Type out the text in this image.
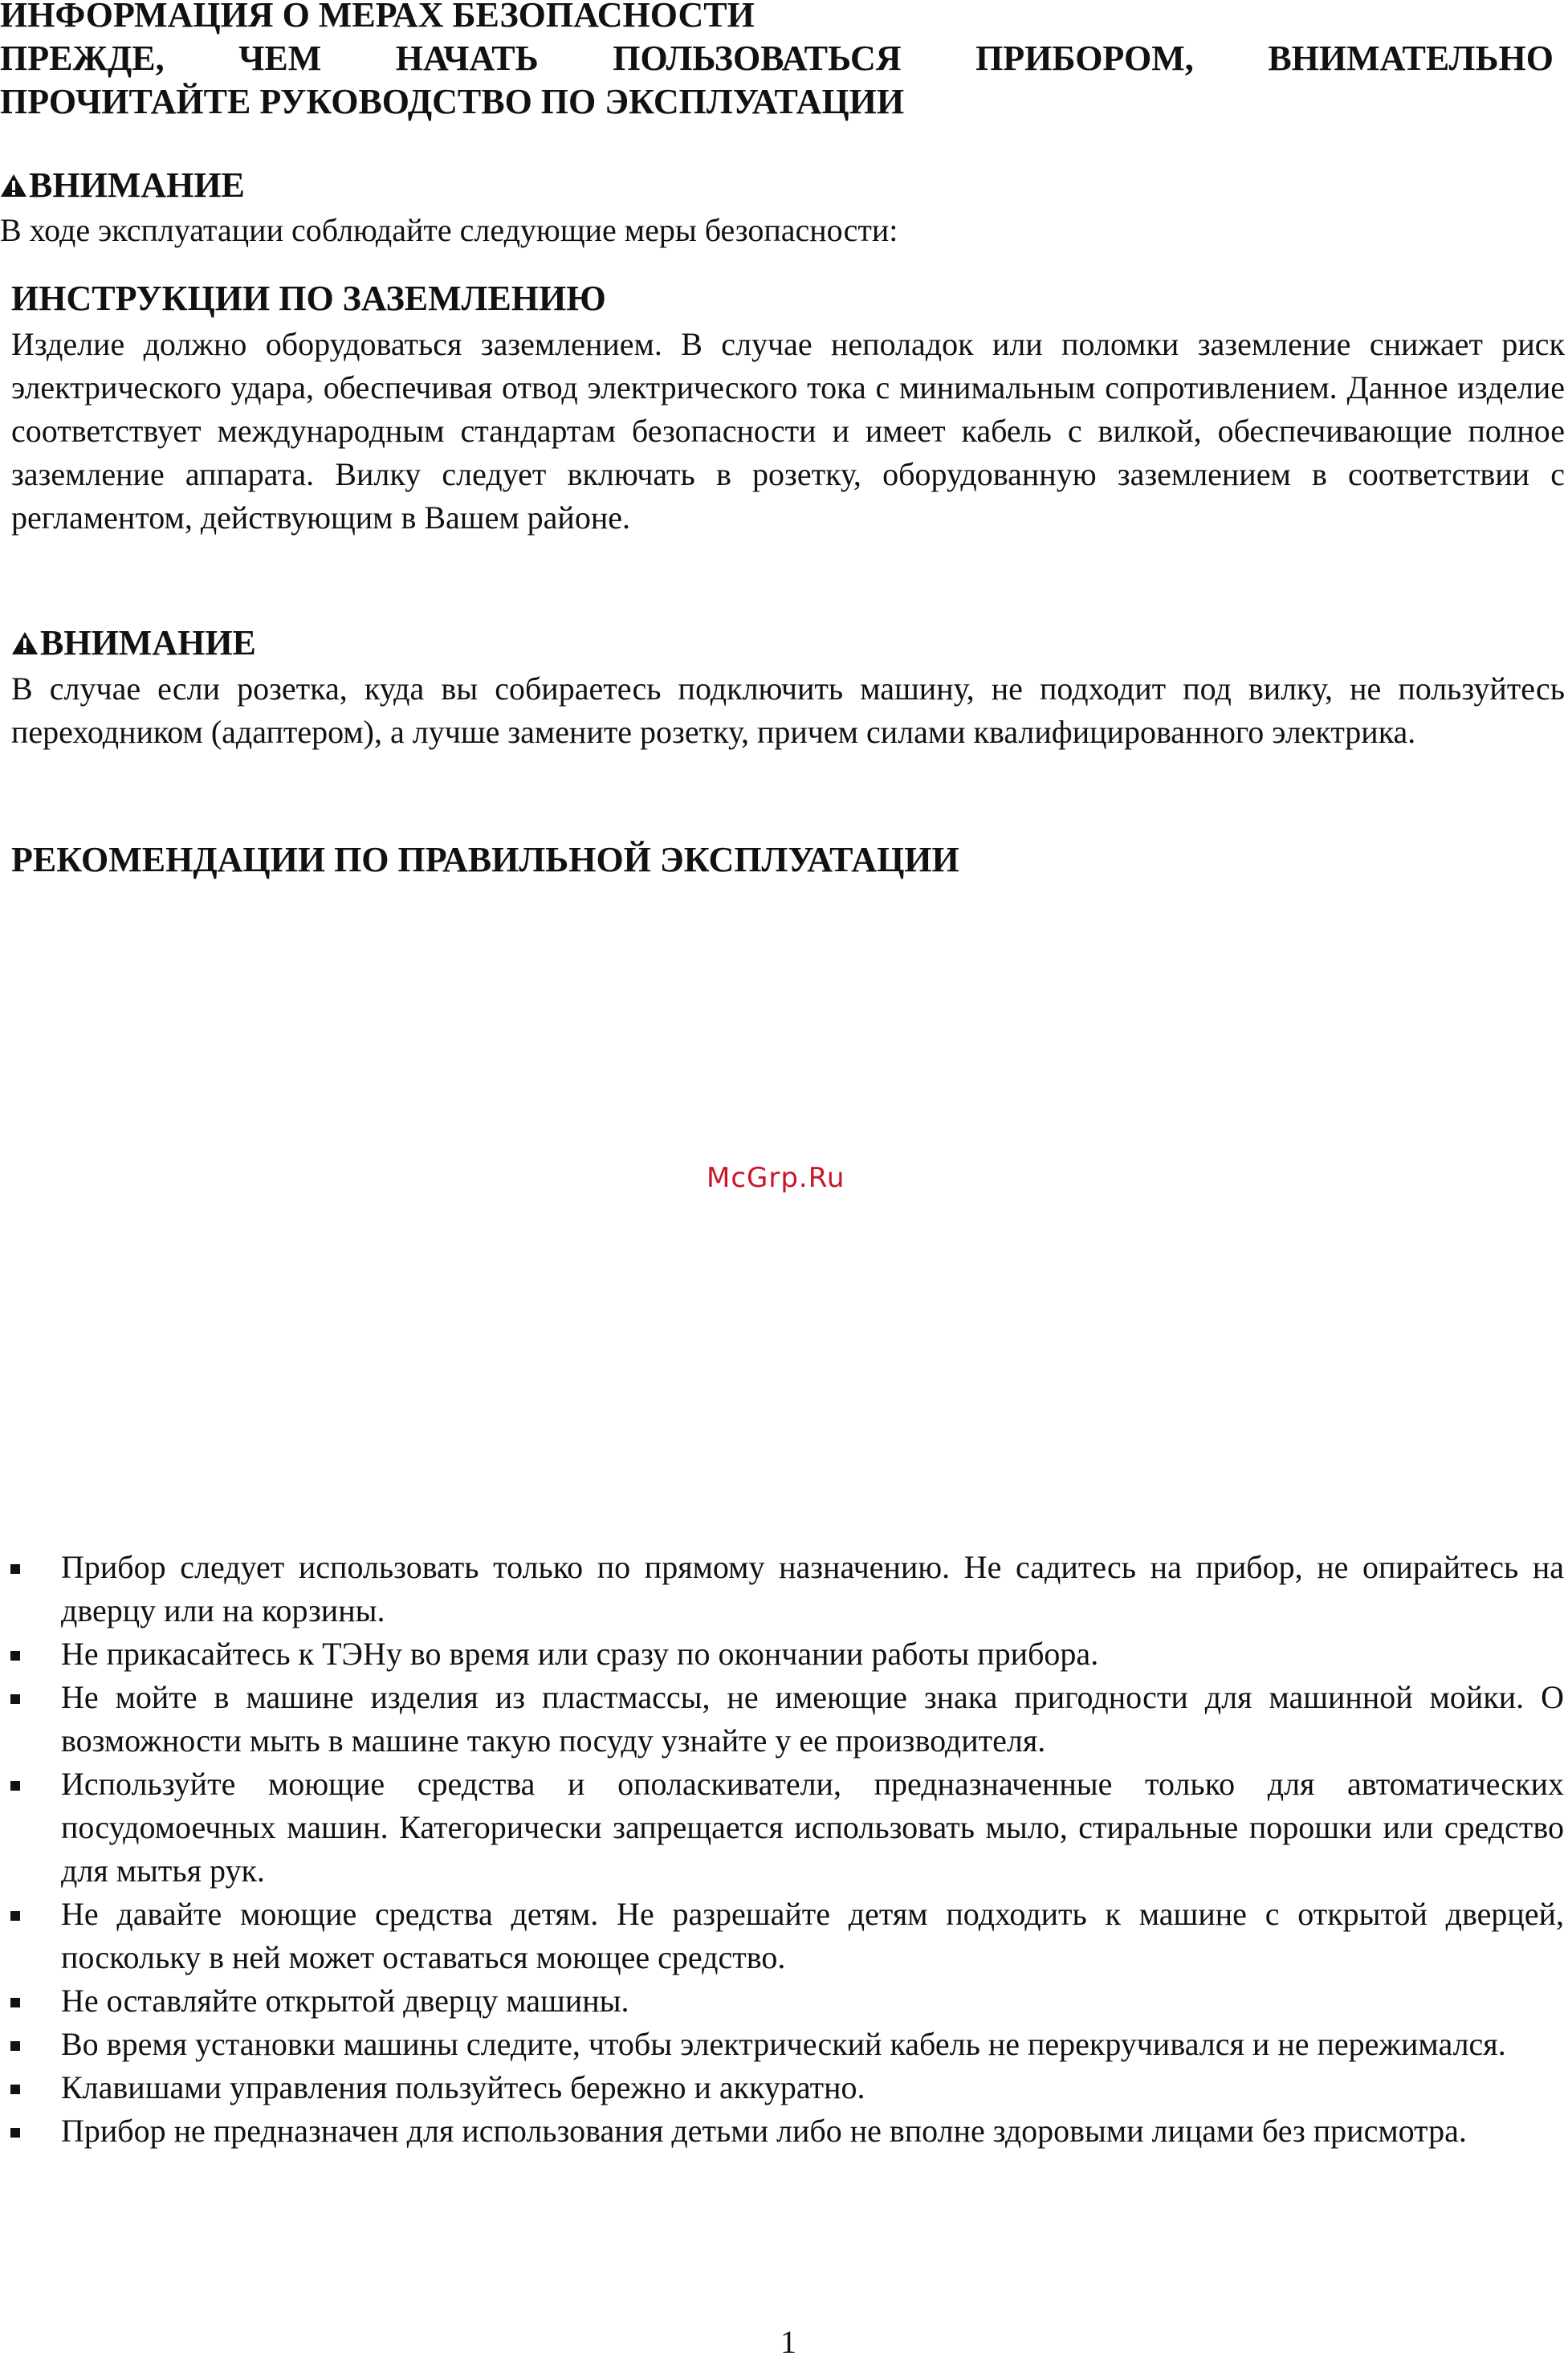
ИНФОРМАЦИЯ О МЕРАХ БЕЗОПАСНОСТИ
ПРЕЖДЕ, ЧЕМ НАЧАТЬ ПОЛЬЗОВАТЬСЯ ПРИБОРОМ, ВНИМАТЕЛЬНО
ПРОЧИТАЙТЕ РУКОВОДСТВО ПО ЭКСПЛУАТАЦИИ
ВНИМАНИЕ

В ходе эксплуатации соблюдайте следующие меры безопасности:

ИНСТРУКЦИИ ПО ЗАЗЕМЛЕНИЮ

Изделие должно оборудоваться заземлением. В случае неполадок или поломки заземление снижает риск электрического удара, обеспечивая отвод электрического тока с минимальным сопротивлением. Данное изделие соответствует международным стандартам безопасности и имеет кабель с вилкой, обеспечивающие полное заземление аппарата. Вилку следует включать в розетку, оборудованную заземлением в соответствии с регламентом, действующим в Вашем районе.

ВНИМАНИЕ

В случае если розетка, куда вы собираетесь подключить машину, не подходит под вилку, не пользуйтесь переходником (адаптером), а лучше замените розетку, причем силами квалифицированного электрика.

РЕКОМЕНДАЦИИ ПО ПРАВИЛЬНОЙ ЭКСПЛУАТАЦИИ
McGrp.Ru
Прибор следует использовать только по прямому назначению. Не садитесь на прибор, не опирайтесь на дверцу или на корзины.
Не прикасайтесь к ТЭНу во время или сразу по окончании работы прибора.
Не мойте в машине изделия из пластмассы, не имеющие знака пригодности для машинной мойки. О возможности мыть в машине такую посуду узнайте у ее производителя.
Используйте моющие средства и ополаскиватели, предназначенные только для автоматических посудомоечных машин. Категорически запрещается использовать мыло, стиральные порошки или средство для мытья рук.
Не давайте моющие средства детям. Не разрешайте детям подходить к машине с открытой дверцей, поскольку в ней может оставаться моющее средство.
Не оставляйте открытой дверцу машины.
Во время установки машины следите, чтобы электрический кабель не перекручивался и не пережимался.
Клавишами управления пользуйтесь бережно и аккуратно.
Прибор не предназначен для использования детьми либо не вполне здоровыми лицами без присмотра.
1
